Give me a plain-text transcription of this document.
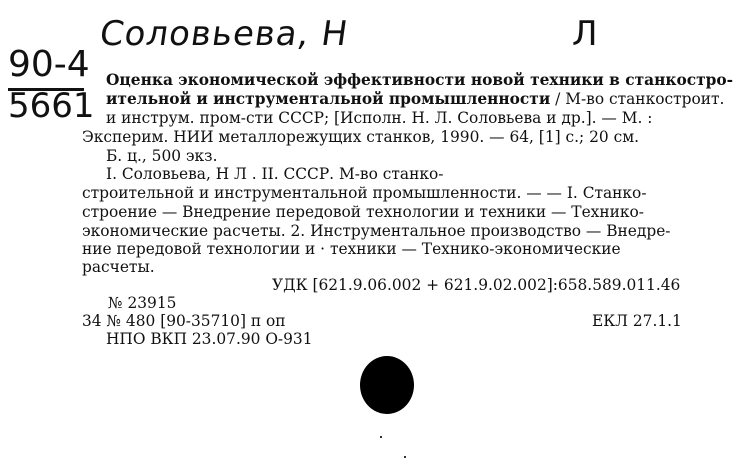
Соловьева, Н	Л
90-4
5661
Оценка экономической эффективности новой техники в станкостро-
ительной и инструментальной промышленности / М-во станкострoит.
и инструм. пром-сти СССР; [Исполн. Н. Л. Соловьева и др.]. — М. :
Эксперим. НИИ металлорежущих станков, 1990. — 64, [1] с.; 20 см.
Б. ц., 500 экз.
I. Соловьева, Н Л . II. СССР. М-во станко-
строительной и инструментальной промышленности. — — I. Станко-
строение — Внедрение передовой технологии и техники — Технико-
экономические расчеты. 2. Инструментальное производство — Внедре-
ние передовой технологии и · техники — Технико-экономические
расчеты.
УДК [621.9.06.002 + 621.9.02.002]:658.589.011.46
№ 23915
34 № 480 [90-35710] п оп	ЕКЛ 27.1.1
НПО ВКП 23.07.90 О-931
